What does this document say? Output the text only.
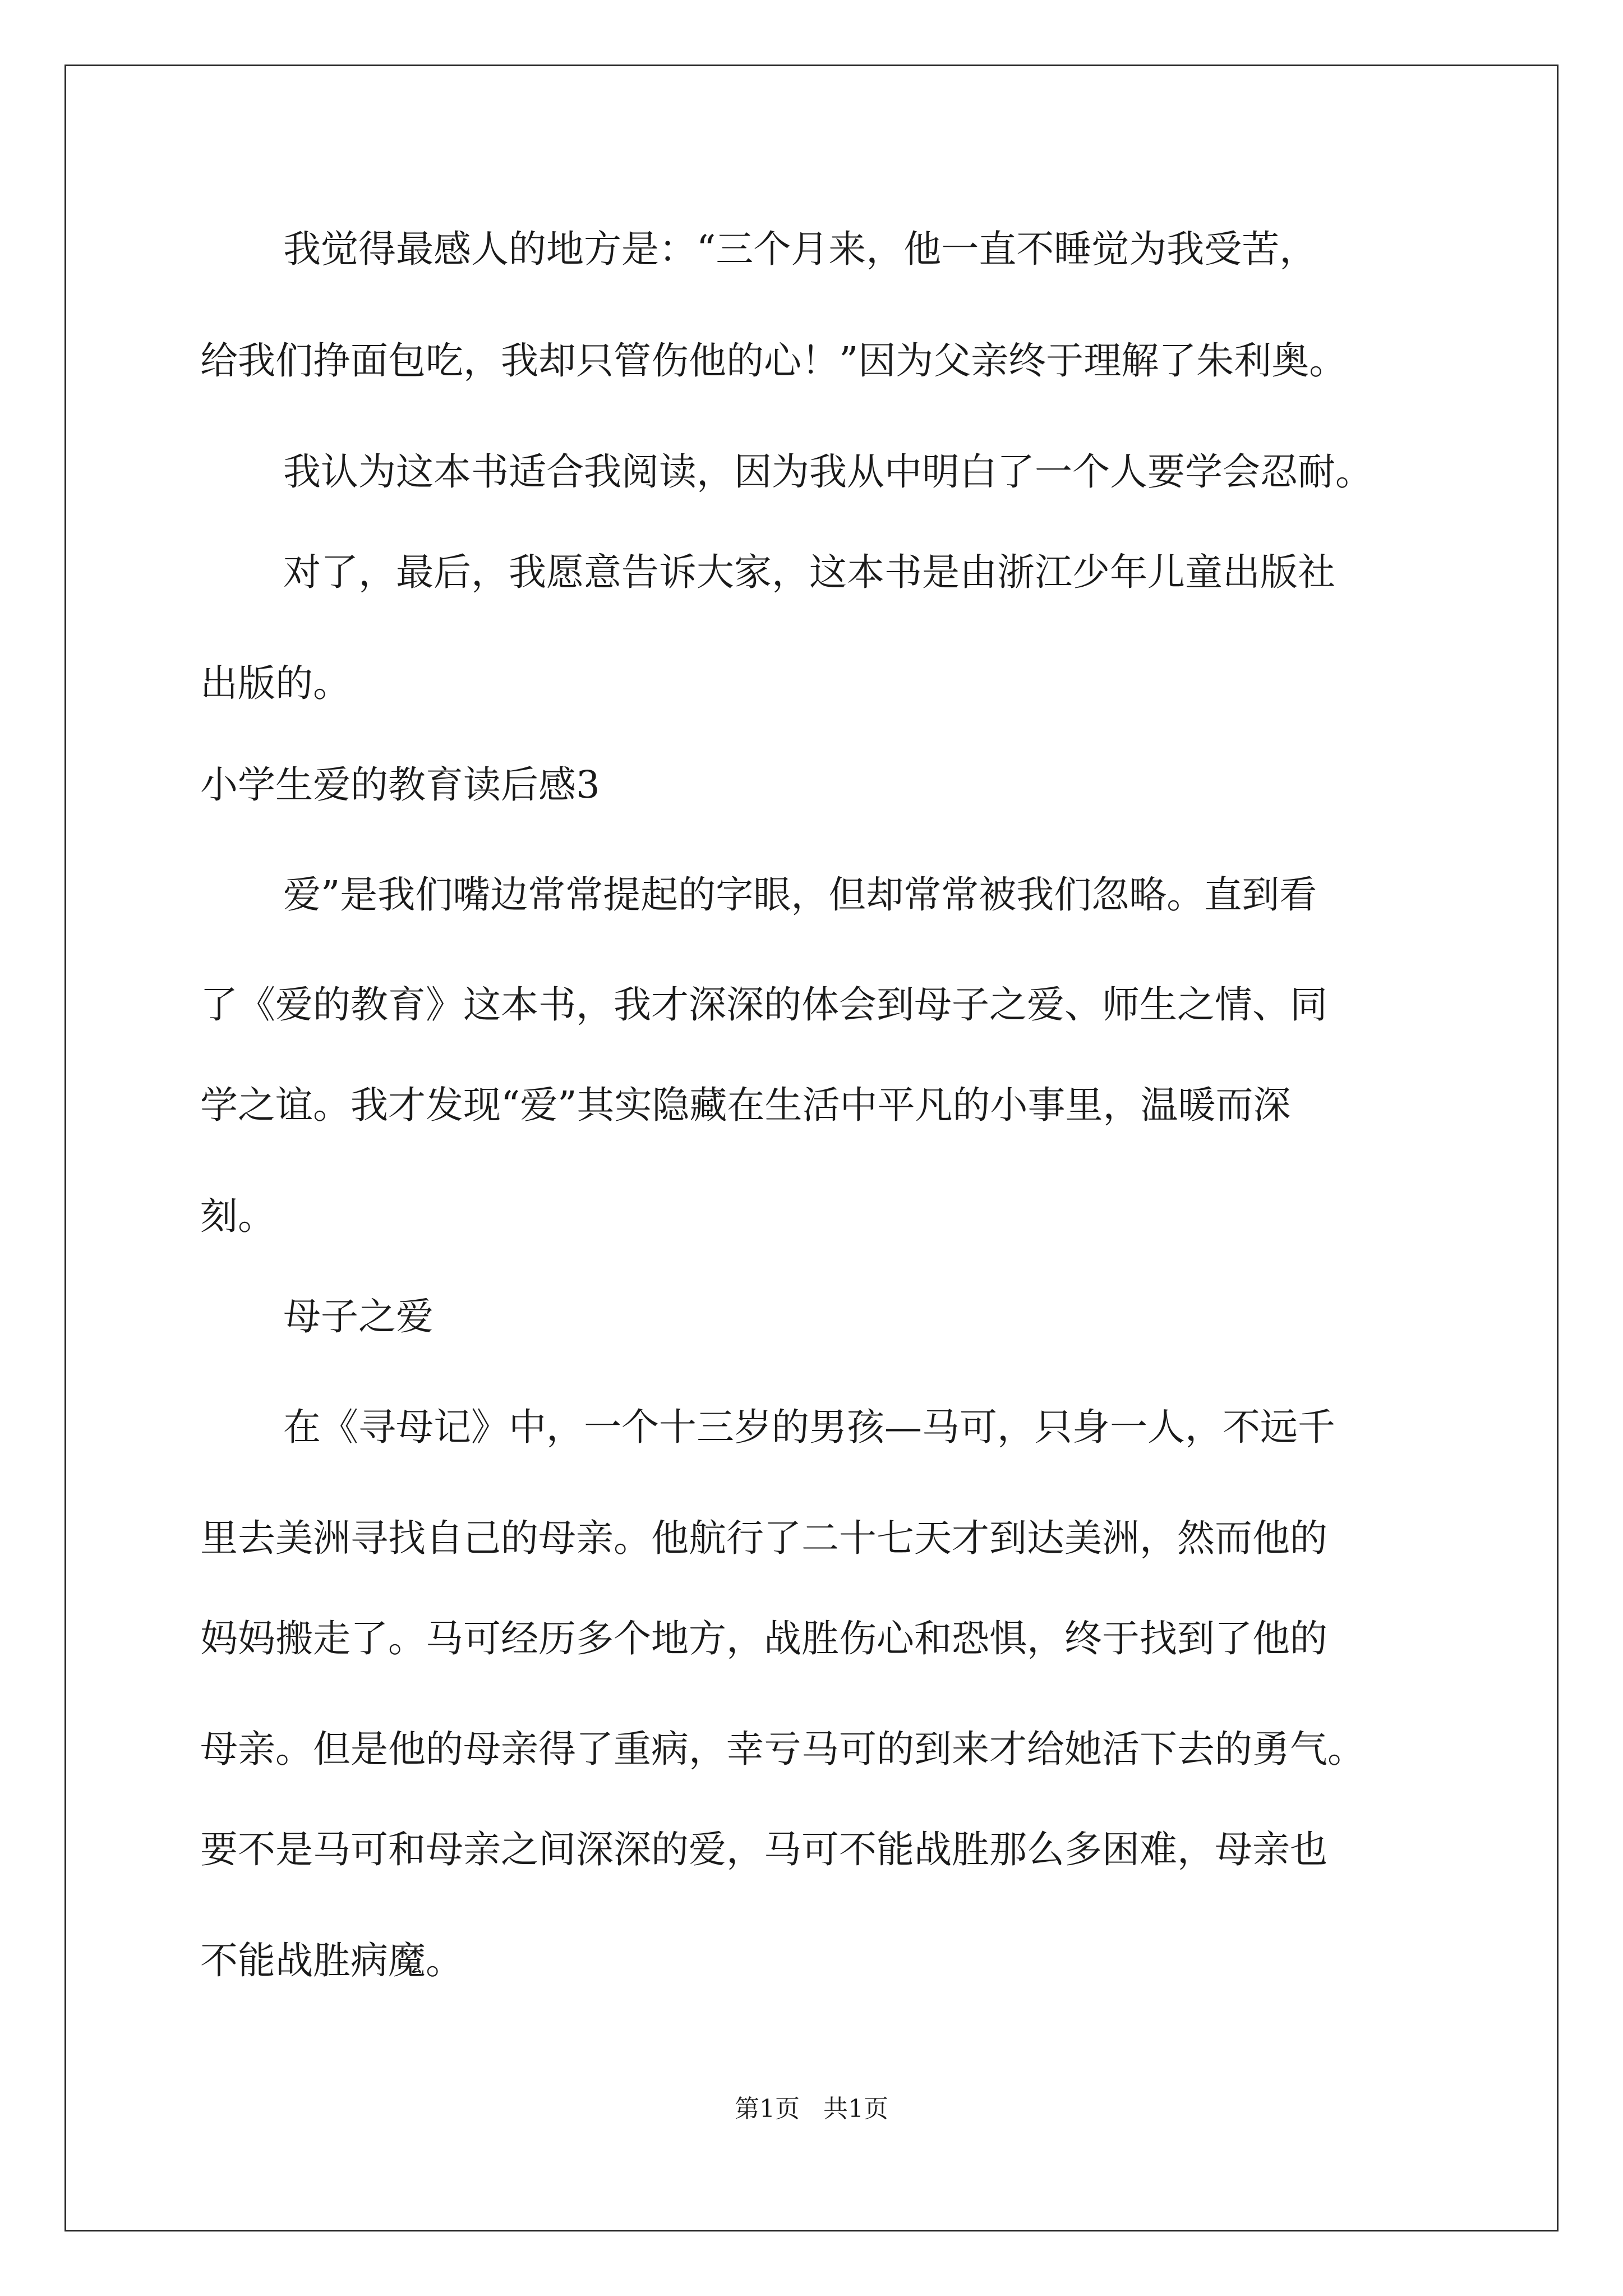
我觉得最感人的地方是：“三个月来，他一直不睡觉为我受苦，
给我们挣面包吃，我却只管伤他的心！”因为父亲终于理解了朱利奥。
我认为这本书适合我阅读，因为我从中明白了一个人要学会忍耐。
对了，最后，我愿意告诉大家，这本书是由浙江少年儿童出版社
出版的。
小学生爱的教育读后感3
爱”是我们嘴边常常提起的字眼，但却常常被我们忽略。直到看
了《爱的教育》这本书，我才深深的体会到母子之爱、师生之情、同
学之谊。我才发现“爱”其实隐藏在生活中平凡的小事里，温暖而深
刻。
母子之爱
在《寻母记》中，一个十三岁的男孩—马可，只身一人，不远千
里去美洲寻找自己的母亲。他航行了二十七天才到达美洲，然而他的
妈妈搬走了。马可经历多个地方，战胜伤心和恐惧，终于找到了他的
母亲。但是他的母亲得了重病，幸亏马可的到来才给她活下去的勇气。
要不是马可和母亲之间深深的爱，马可不能战胜那么多困难，母亲也
不能战胜病魔。
第1页   共1页
